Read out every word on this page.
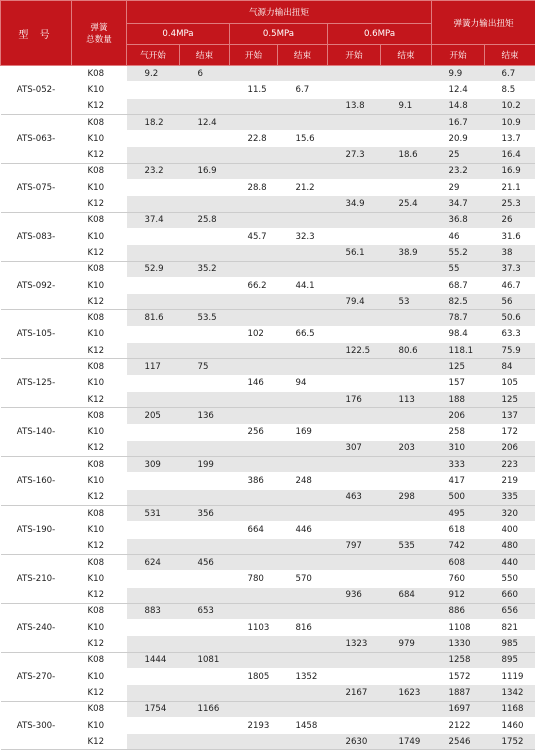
型 号	弹簧
总数量	气源力输出扭矩						弹簧力输出扭矩	
		0.4MPa		0.5MPa		0.6MPa			
		气开始	结束	开始	结束	开始	结束	开始	结束
ATS-052-	K08	9.2	6					9.9	6.7
	K10			11.5	6.7			12.4	8.5
	K12					13.8	9.1	14.8	10.2
ATS-063-	K08	18.2	12.4					16.7	10.9
	K10			22.8	15.6			20.9	13.7
	K12					27.3	18.6	25	16.4
ATS-075-	K08	23.2	16.9					23.2	16.9
	K10			28.8	21.2			29	21.1
	K12					34.9	25.4	34.7	25.3
ATS-083-	K08	37.4	25.8					36.8	26
	K10			45.7	32.3			46	31.6
	K12					56.1	38.9	55.2	38
ATS-092-	K08	52.9	35.2					55	37.3
	K10			66.2	44.1			68.7	46.7
	K12					79.4	53	82.5	56
ATS-105-	K08	81.6	53.5					78.7	50.6
	K10			102	66.5			98.4	63.3
	K12					122.5	80.6	118.1	75.9
ATS-125-	K08	117	75					125	84
	K10			146	94			157	105
	K12					176	113	188	125
ATS-140-	K08	205	136					206	137
	K10			256	169			258	172
	K12					307	203	310	206
ATS-160-	K08	309	199					333	223
	K10			386	248			417	219
	K12					463	298	500	335
ATS-190-	K08	531	356					495	320
	K10			664	446			618	400
	K12					797	535	742	480
ATS-210-	K08	624	456					608	440
	K10			780	570			760	550
	K12					936	684	912	660
ATS-240-	K08	883	653					886	656
	K10			1103	816			1108	821
	K12					1323	979	1330	985
ATS-270-	K08	1444	1081					1258	895
	K10			1805	1352			1572	1119
	K12					2167	1623	1887	1342
ATS-300-	K08	1754	1166					1697	1168
	K10			2193	1458			2122	1460
	K12					2630	1749	2546	1752
